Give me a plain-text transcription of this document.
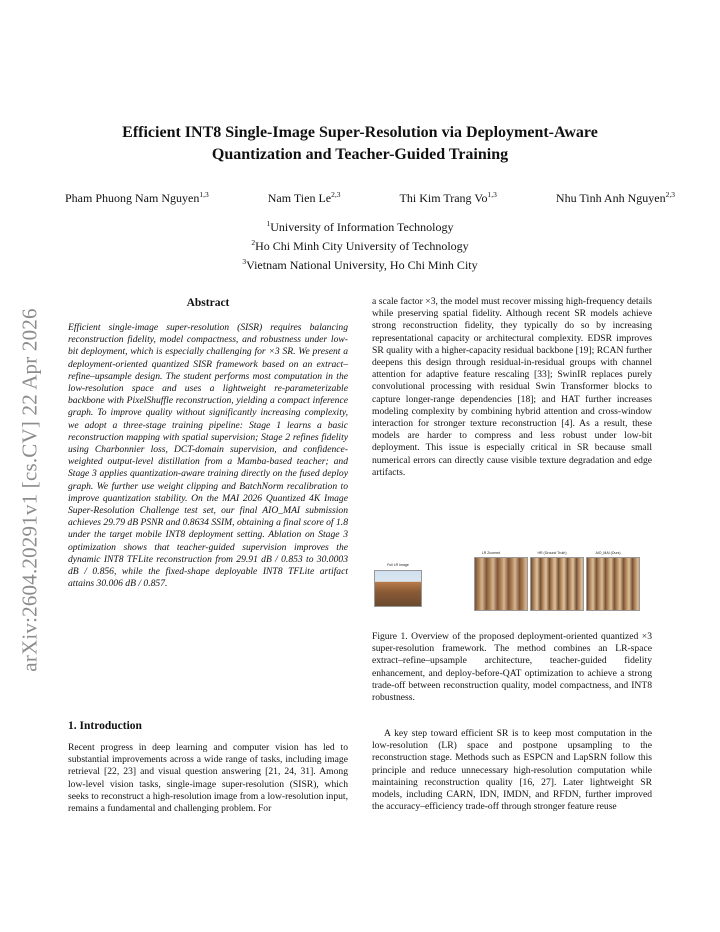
arXiv:2604.20291v1 [cs.CV] 22 Apr 2026
Efficient INT8 Single-Image Super-Resolution via Deployment-Aware
Quantization and Teacher-Guided Training
Pham Phuong Nam Nguyen$^{1,3}$	Nam Tien Le$^{2,3}$	Thi Kim Trang Vo$^{1,3}$	Nhu Tinh Anh Nguyen$^{2,3}$
$^1$University of Information Technology
$^2$Ho Chi Minh City University of Technology
$^3$Vietnam National University, Ho Chi Minh City
Abstract
Efficient single-image super-resolution (SISR) requires balancing reconstruction fidelity, model compactness, and robustness under low-bit deployment, which is especially challenging for ×3 SR. We present a deployment-oriented quantized SISR framework based on an extract–refine–upsample design. The student performs most computation in the low-resolution space and uses a lightweight re-parameterizable backbone with PixelShuffle reconstruction, yielding a compact inference graph. To improve quality without significantly increasing complexity, we adopt a three-stage training pipeline: Stage 1 learns a basic reconstruction mapping with spatial supervision; Stage 2 refines fidelity using Charbonnier loss, DCT-domain supervision, and confidence-weighted output-level distillation from a Mamba-based teacher; and Stage 3 applies quantization-aware training directly on the fused deploy graph. We further use weight clipping and BatchNorm recalibration to improve quantization stability. On the MAI 2026 Quantized 4K Image Super-Resolution Challenge test set, our final AIO_MAI submission achieves 29.79 dB PSNR and 0.8634 SSIM, obtaining a final score of 1.8 under the target mobile INT8 deployment setting. Ablation on Stage 3 optimization shows that teacher-guided supervision improves the dynamic INT8 TFLite reconstruction from 29.91 dB / 0.853 to 30.0003 dB / 0.856, while the fixed-shape deployable INT8 TFLite artifact attains 30.006 dB / 0.857.
1. Introduction
Recent progress in deep learning and computer vision has led to substantial improvements across a wide range of tasks, including image retrieval [22, 23] and visual question answering [21, 24, 31]. Among low-level vision tasks, single-image super-resolution (SISR), which seeks to reconstruct a high-resolution image from a low-resolution input, remains a fundamental and challenging problem. For
a scale factor ×3, the model must recover missing high-frequency details while preserving spatial fidelity. Although recent SR models achieve strong reconstruction fidelity, they typically do so by increasing representational capacity or architectural complexity. EDSR improves SR quality with a higher-capacity residual backbone [19]; RCAN further deepens this design through residual-in-residual groups with channel attention for adaptive feature rescaling [33]; SwinIR replaces purely convolutional processing with residual Swin Transformer blocks to capture longer-range dependencies [18]; and HAT further increases modeling complexity by combining hybrid attention and cross-window interaction for stronger texture reconstruction [4]. As a result, these models are harder to compress and less robust under low-bit deployment. This issue is especially critical in SR because small numerical errors can directly cause visible texture degradation and edge artifacts.
Full LR Image
LR Zoomed	HR (Ground Truth)	AIO_MAI (Ours)
Figure 1. Overview of the proposed deployment-oriented quantized ×3 super-resolution framework. The method combines an LR-space extract–refine–upsample architecture, teacher-guided fidelity enhancement, and deploy-before-QAT optimization to achieve a strong trade-off between reconstruction quality, model compactness, and INT8 robustness.
A key step toward efficient SR is to keep most computation in the low-resolution (LR) space and postpone upsampling to the reconstruction stage. Methods such as ESPCN and LapSRN follow this principle and reduce unnecessary high-resolution computation while maintaining reconstruction quality [16, 27]. Later lightweight SR models, including CARN, IDN, IMDN, and RFDN, further improved the accuracy–efficiency trade-off through stronger feature reuse
